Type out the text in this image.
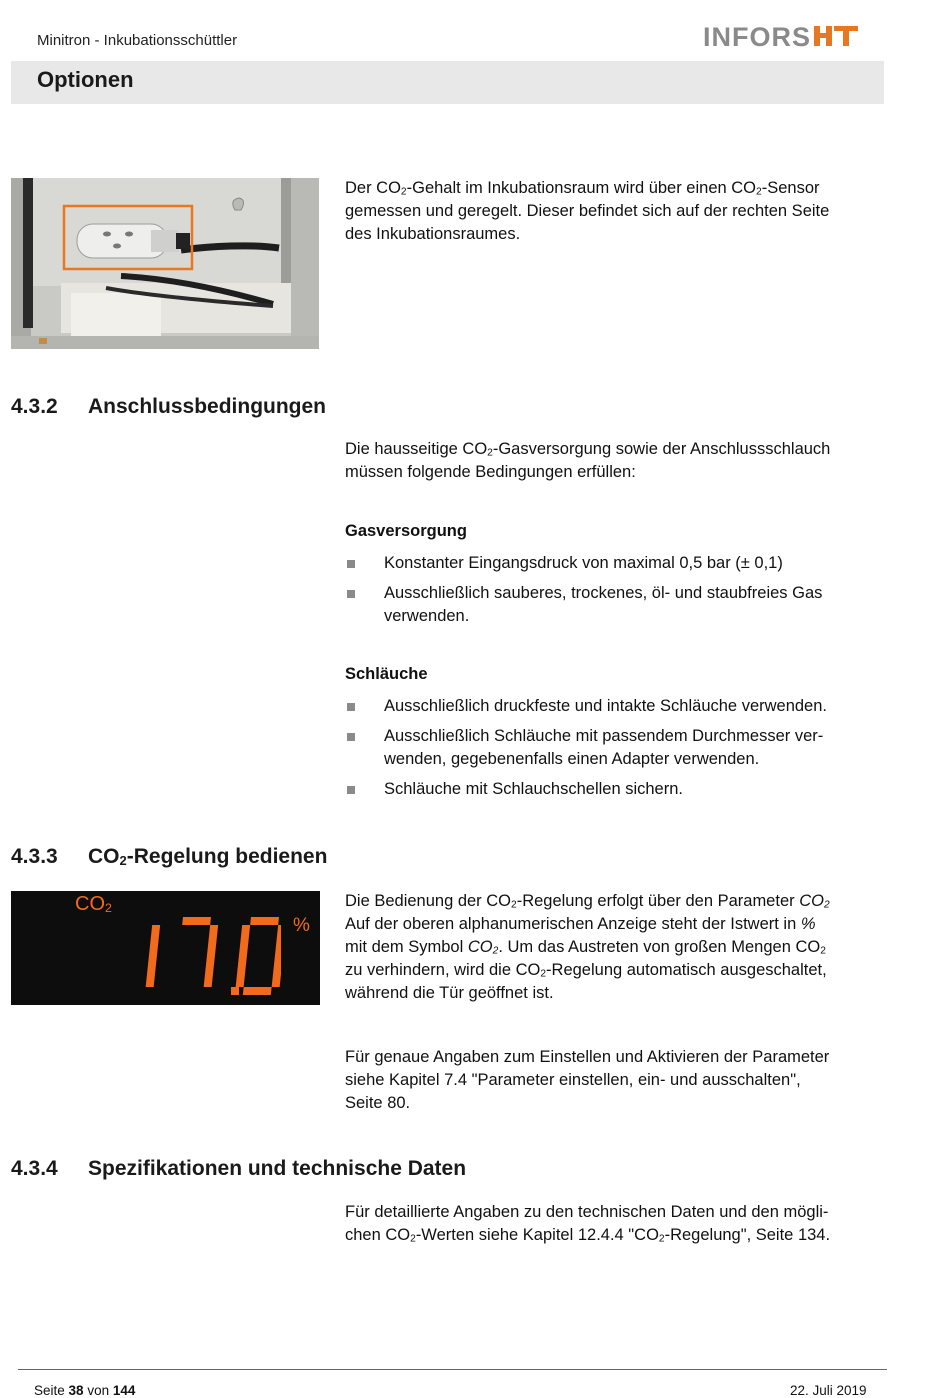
Minitron - Inkubationsschüttler	INFORS
Optionen
Der $CO_2$-Gehalt im Inkubationsraum wird über einen $CO_2$-Sensor
gemessen und geregelt. Dieser befindet sich auf der rechten Seite
des Inkubationsraumes.
4.3.2 Anschlussbedingungen
Die hausseitige $CO_2$-Gasversorgung sowie der Anschlussschlauch
müssen folgende Bedingungen erfüllen:
Gasversorgung
Konstanter Eingangsdruck von maximal 0,5 bar (± 0,1)
Ausschließlich sauberes, trockenes, öl- und staubfreies Gas
verwenden.
Schläuche
Ausschließlich druckfeste und intakte Schläuche verwenden.
Ausschließlich Schläuche mit passendem Durchmesser ver-
wenden, gegebenenfalls einen Adapter verwenden.
Schläuche mit Schlauchschellen sichern.
4.3.3 $CO_2$-Regelung bedienen
$CO_2$
%
Die Bedienung der $CO_2$-Regelung erfolgt über den Parameter $CO_2$
Auf der oberen alphanumerischen Anzeige steht der Istwert in %
mit dem Symbol $CO_2$. Um das Austreten von großen Mengen $CO_2$
zu verhindern, wird die $CO_2$-Regelung automatisch ausgeschaltet,
während die Tür geöffnet ist.
Für genaue Angaben zum Einstellen und Aktivieren der Parameter
siehe Kapitel 7.4 "Parameter einstellen, ein- und ausschalten",
Seite 80.
4.3.4 Spezifikationen und technische Daten
Für detaillierte Angaben zu den technischen Daten und den mögli-
chen $CO_2$-Werten siehe Kapitel 12.4.4 "$CO_2$-Regelung", Seite 134.
Seite 38 von 144	22. Juli 2019
